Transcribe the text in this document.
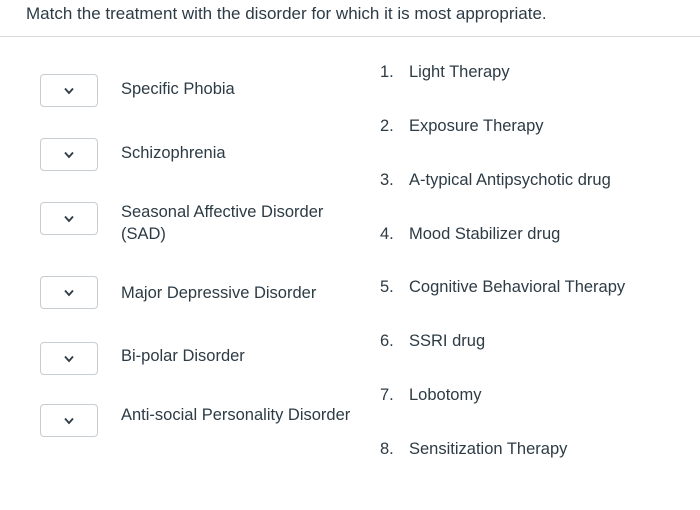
Match the treatment with the disorder for which it is most appropriate.
Specific Phobia
Schizophrenia
Seasonal Affective Disorder (SAD)
Major Depressive Disorder
Bi-polar Disorder
Anti-social Personality Disorder
1. Light Therapy
2. Exposure Therapy
3. A-typical Antipsychotic drug
4. Mood Stabilizer drug
5. Cognitive Behavioral Therapy
6. SSRI drug
7. Lobotomy
8. Sensitization Therapy
